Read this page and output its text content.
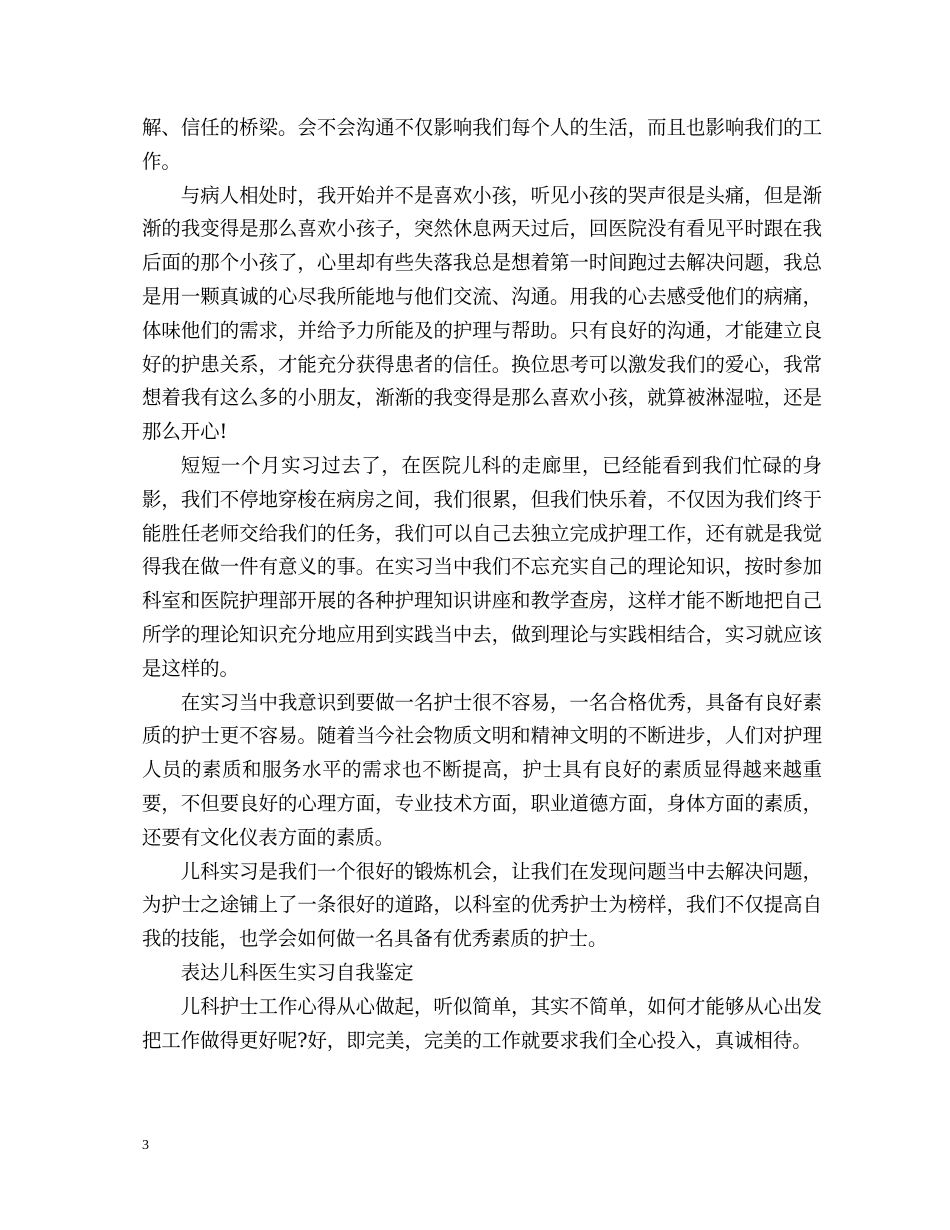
解、信任的桥梁。会不会沟通不仅影响我们每个人的生活，而且也影响我们的工作。

与病人相处时，我开始并不是喜欢小孩，听见小孩的哭声很是头痛，但是渐渐的我变得是那么喜欢小孩子，突然休息两天过后，回医院没有看见平时跟在我后面的那个小孩了，心里却有些失落我总是想着第一时间跑过去解决问题，我总是用一颗真诚的心尽我所能地与他们交流、沟通。用我的心去感受他们的病痛，体味他们的需求，并给予力所能及的护理与帮助。只有良好的沟通，才能建立良好的护患关系，才能充分获得患者的信任。换位思考可以激发我们的爱心，我常想着我有这么多的小朋友，渐渐的我变得是那么喜欢小孩，就算被淋湿啦，还是那么开心!

短短一个月实习过去了，在医院儿科的走廊里，已经能看到我们忙碌的身影，我们不停地穿梭在病房之间，我们很累，但我们快乐着，不仅因为我们终于能胜任老师交给我们的任务，我们可以自己去独立完成护理工作，还有就是我觉得我在做一件有意义的事。在实习当中我们不忘充实自己的理论知识，按时参加科室和医院护理部开展的各种护理知识讲座和教学查房，这样才能不断地把自己所学的理论知识充分地应用到实践当中去，做到理论与实践相结合，实习就应该是这样的。

在实习当中我意识到要做一名护士很不容易，一名合格优秀，具备有良好素质的护士更不容易。随着当今社会物质文明和精神文明的不断进步，人们对护理人员的素质和服务水平的需求也不断提高，护士具有良好的素质显得越来越重要，不但要良好的心理方面，专业技术方面，职业道德方面，身体方面的素质，还要有文化仪表方面的素质。

儿科实习是我们一个很好的锻炼机会，让我们在发现问题当中去解决问题，为护士之途铺上了一条很好的道路，以科室的优秀护士为榜样，我们不仅提高自我的技能，也学会如何做一名具备有优秀素质的护士。

表达儿科医生实习自我鉴定

儿科护士工作心得从心做起，听似简单，其实不简单，如何才能够从心出发把工作做得更好呢?好，即完美，完美的工作就要求我们全心投入，真诚相待。

3
